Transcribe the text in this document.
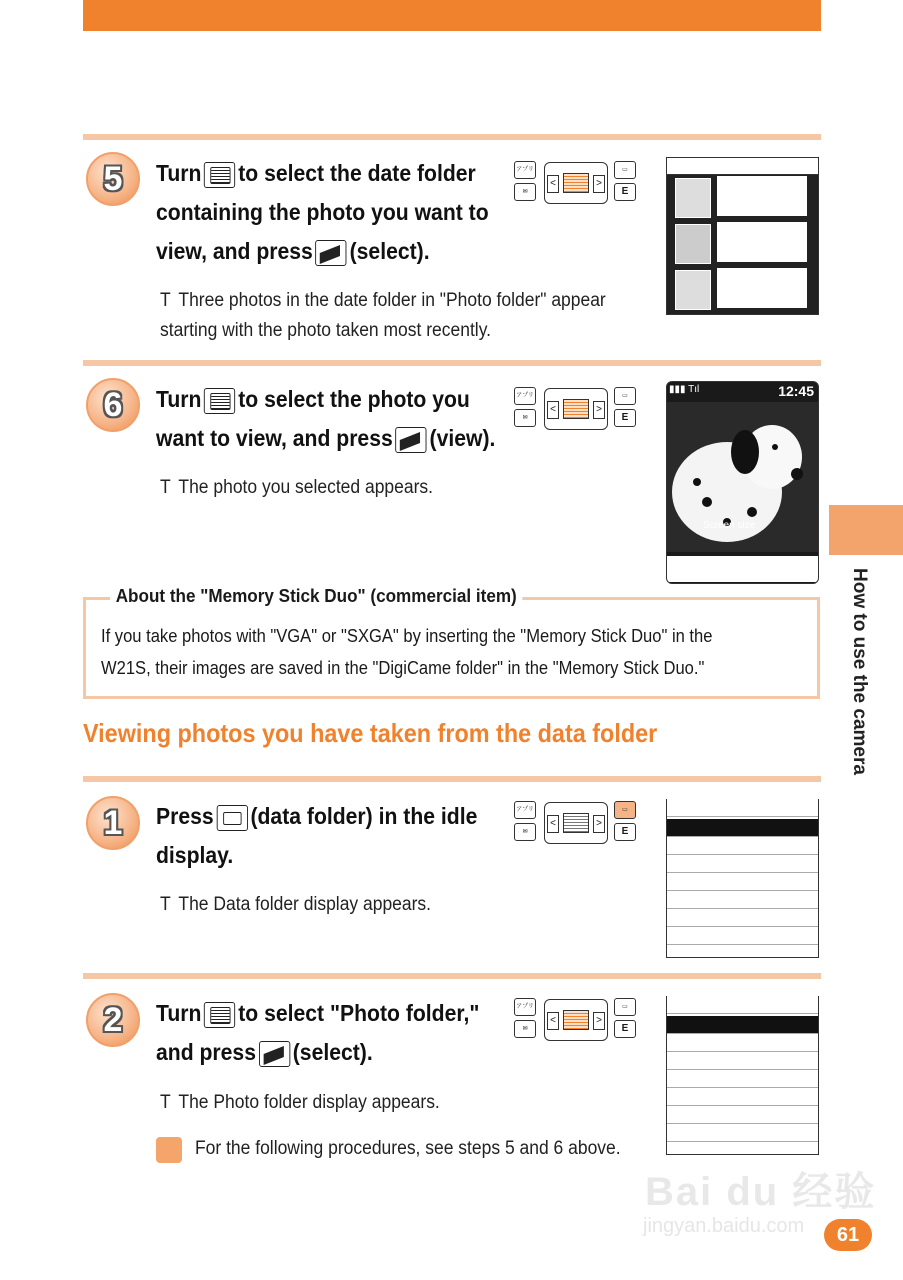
How to use the camera
5	Turn to select the date folder
containing the photo you want to
view, and press (select).
T Three photos in the date folder in "Photo folder" appear starting with the photo taken most recently.
アプリ
✉
<	>
▭
E
6	Turn to select the photo you
want to view, and press (view).
T The photo you selected appears.
アプリ
✉
<	>
▭
E
▮▮▮ Tıl	12:45
Screen size
About the "Memory Stick Duo" (commercial item)
If you take photos with "VGA" or "SXGA" by inserting the "Memory Stick Duo" in the
W21S, their images are saved in the "DigiCame folder" in the "Memory Stick Duo."
Viewing photos you have taken from the data folder
1	Press (data folder) in the idle
display.
T The Data folder display appears.
アプリ
✉
<	>
▭
E
2	Turn to select "Photo folder,"
and press (select).
T The Photo folder display appears.
For the following procedures, see steps 5 and 6 above.
アプリ
✉
<	>
▭
E
Bai du 经验
jingyan.baidu.com	61
